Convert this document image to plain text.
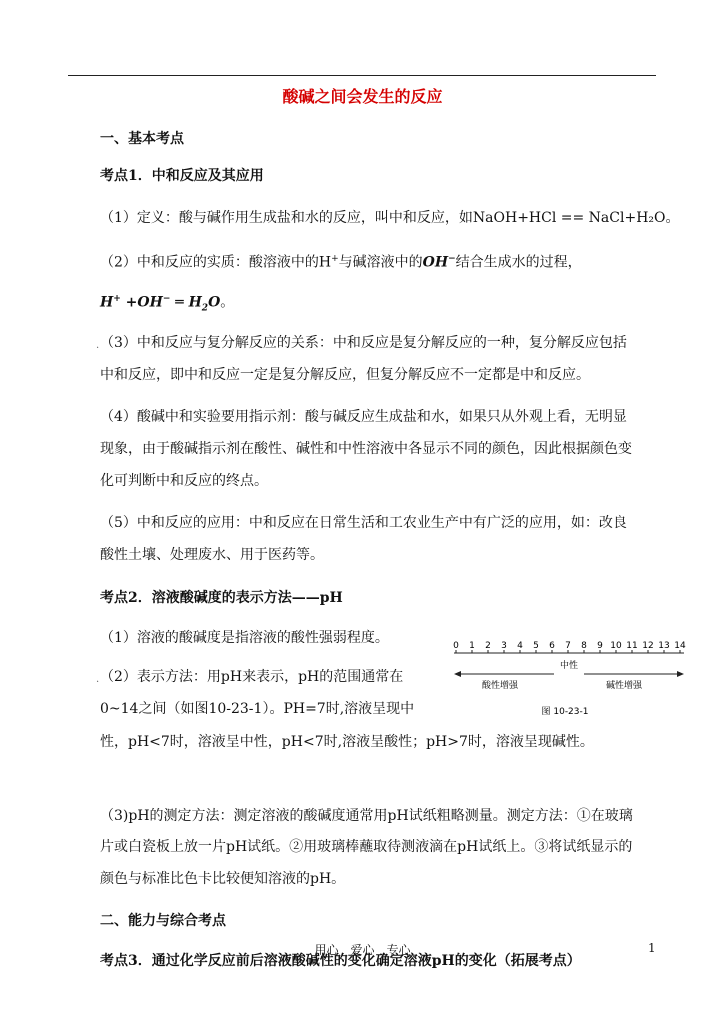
酸碱之间会发生的反应
一、基本考点
考点1．中和反应及其应用
（1）定义：酸与碱作用生成盐和水的反应，叫中和反应，如NaOH+HCl == NaCl+H₂O。
（2）中和反应的实质：酸溶液中的H+与碱溶液中的OH−结合生成水的过程，
H+ +OH− ═ $H_2O$。
. （3）中和反应与复分解反应的关系：中和反应是复分解反应的一种，复分解反应包括
中和反应，即中和反应一定是复分解反应，但复分解反应不一定都是中和反应。
（4）酸碱中和实验要用指示剂：酸与碱反应生成盐和水，如果只从外观上看，无明显
现象，由于酸碱指示剂在酸性、碱性和中性溶液中各显示不同的颜色，因此根据颜色变
化可判断中和反应的终点。
（5）中和反应的应用：中和反应在日常生活和工农业生产中有广泛的应用，如：改良
酸性土壤、处理废水、用于医药等。
考点2．溶液酸碱度的表示方法——pH
（1）溶液的酸碱度是指溶液的酸性强弱程度。
. （2）表示方法：用pH来表示，pH的范围通常在
0~14之间（如图10-23-1）。PH=7时,溶液呈现中
性，pH<7时，溶液呈中性，pH<7时,溶液呈酸性；pH>7时，溶液呈现碱性。
0 1 2 3 4 5 6 7 8 9 10 11 12 13 14
中性
酸性增强	碱性增强
图 10-23-1
（3)pH的测定方法：测定溶液的酸碱度通常用pH试纸粗略测量。测定方法：①在玻璃
片或白瓷板上放一片pH试纸。②用玻璃棒蘸取待测液滴在pH试纸上。③将试纸显示的
颜色与标准比色卡比较便知溶液的pH。
二、能力与综合考点
考点3．通过化学反应前后溶液酸碱性的变化确定溶液pH的变化（拓展考点）
用心 爱心 专心	1
